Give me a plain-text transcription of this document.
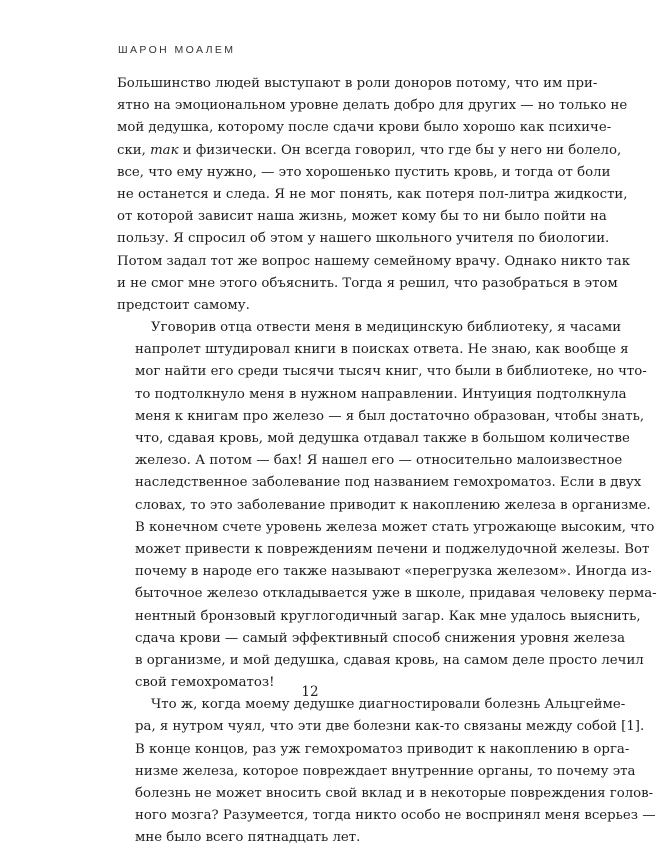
ШАРОН МОАЛЕМ
Большинство людей выступают в роли доноров потому, что им при-
ятно на эмоциональном уровне делать добро для других — но только не
мой дедушка, которому после сдачи крови было хорошо как психиче-
ски, так и физически. Он всегда говорил, что где бы у него ни болело,
все, что ему нужно, — это хорошенько пустить кровь, и тогда от боли
не останется и следа. Я не мог понять, как потеря пол-литра жидкости,
от которой зависит наша жизнь, может кому бы то ни было пойти на
пользу. Я спросил об этом у нашего школьного учителя по биологии.
Потом задал тот же вопрос нашему семейному врачу. Однако никто так
и не смог мне этого объяснить. Тогда я решил, что разобраться в этом
предстоит самому.
Уговорив отца отвести меня в медицинскую библиотеку, я часами
напролет штудировал книги в поисках ответа. Не знаю, как вообще я
мог найти его среди тысячи тысяч книг, что были в библиотеке, но что-
то подтолкнуло меня в нужном направлении. Интуиция подтолкнула
меня к книгам про железо — я был достаточно образован, чтобы знать,
что, сдавая кровь, мой дедушка отдавал также в большом количестве
железо. А потом — бах! Я нашел его — относительно малоизвестное
наследственное заболевание под названием гемохроматоз. Если в двух
словах, то это заболевание приводит к накоплению железа в организме.
В конечном счете уровень железа может стать угрожающе высоким, что
может привести к повреждениям печени и поджелудочной железы. Вот
почему в народе его также называют «перегрузка железом». Иногда из-
быточное железо откладывается уже в школе, придавая человеку перма-
нентный бронзовый круглогодичный загар. Как мне удалось выяснить,
сдача крови — самый эффективный способ снижения уровня железа
в организме, и мой дедушка, сдавая кровь, на самом деле просто лечил
свой гемохроматоз!
Что ж, когда моему дедушке диагностировали болезнь Альцгейме-
ра, я нутром чуял, что эти две болезни как-то связаны между собой [1].
В конце концов, раз уж гемохроматоз приводит к накоплению в орга-
низме железа, которое повреждает внутренние органы, то почему эта
болезнь не может вносить свой вклад и в некоторые повреждения голов-
ного мозга? Разумеется, тогда никто особо не воспринял меня всерьез —
мне было всего пятнадцать лет.
12
